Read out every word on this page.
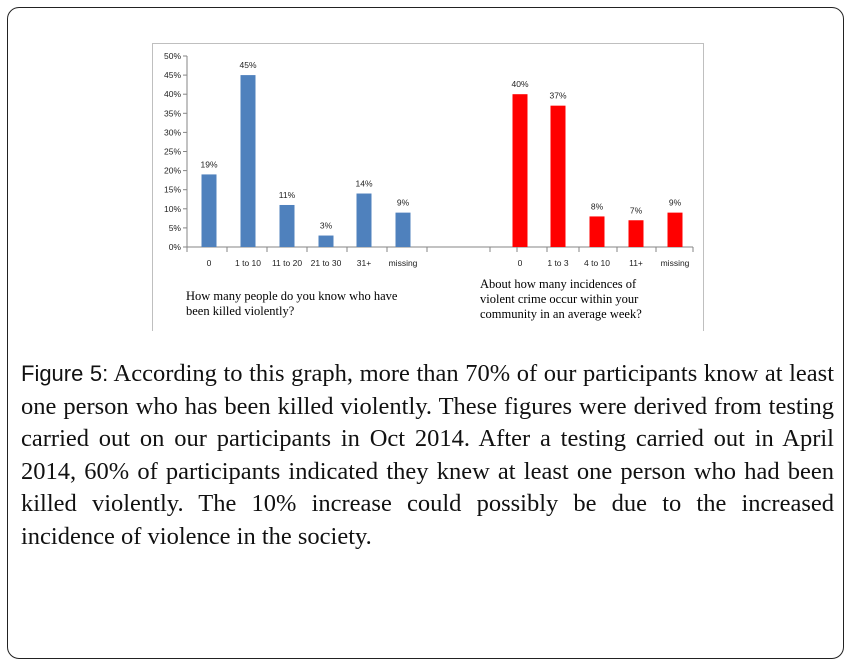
0%
5%
10%
15%
20%
25%
30%
35%
40%
45%
50%
19%
0
45%
1 to 10
11%
11 to 20
3%
21 to 30
14%
31+
9%
missing
40%
0
37%
1 to 3
8%
4 to 10
7%
11+
9%
missing
How many people do you know who have
been killed violently?
About how many incidences of
violent crime occur within your
community in an average week?
Figure 5: According to this graph, more than 70% of our participants know at least one person who has been killed violently. These figures were derived from testing carried out on our participants in Oct 2014. After a testing carried out in April 2014, 60% of participants indicated they knew at least one person who had been killed violently. The 10% increase could possibly be due to the increased incidence of violence in the society.
